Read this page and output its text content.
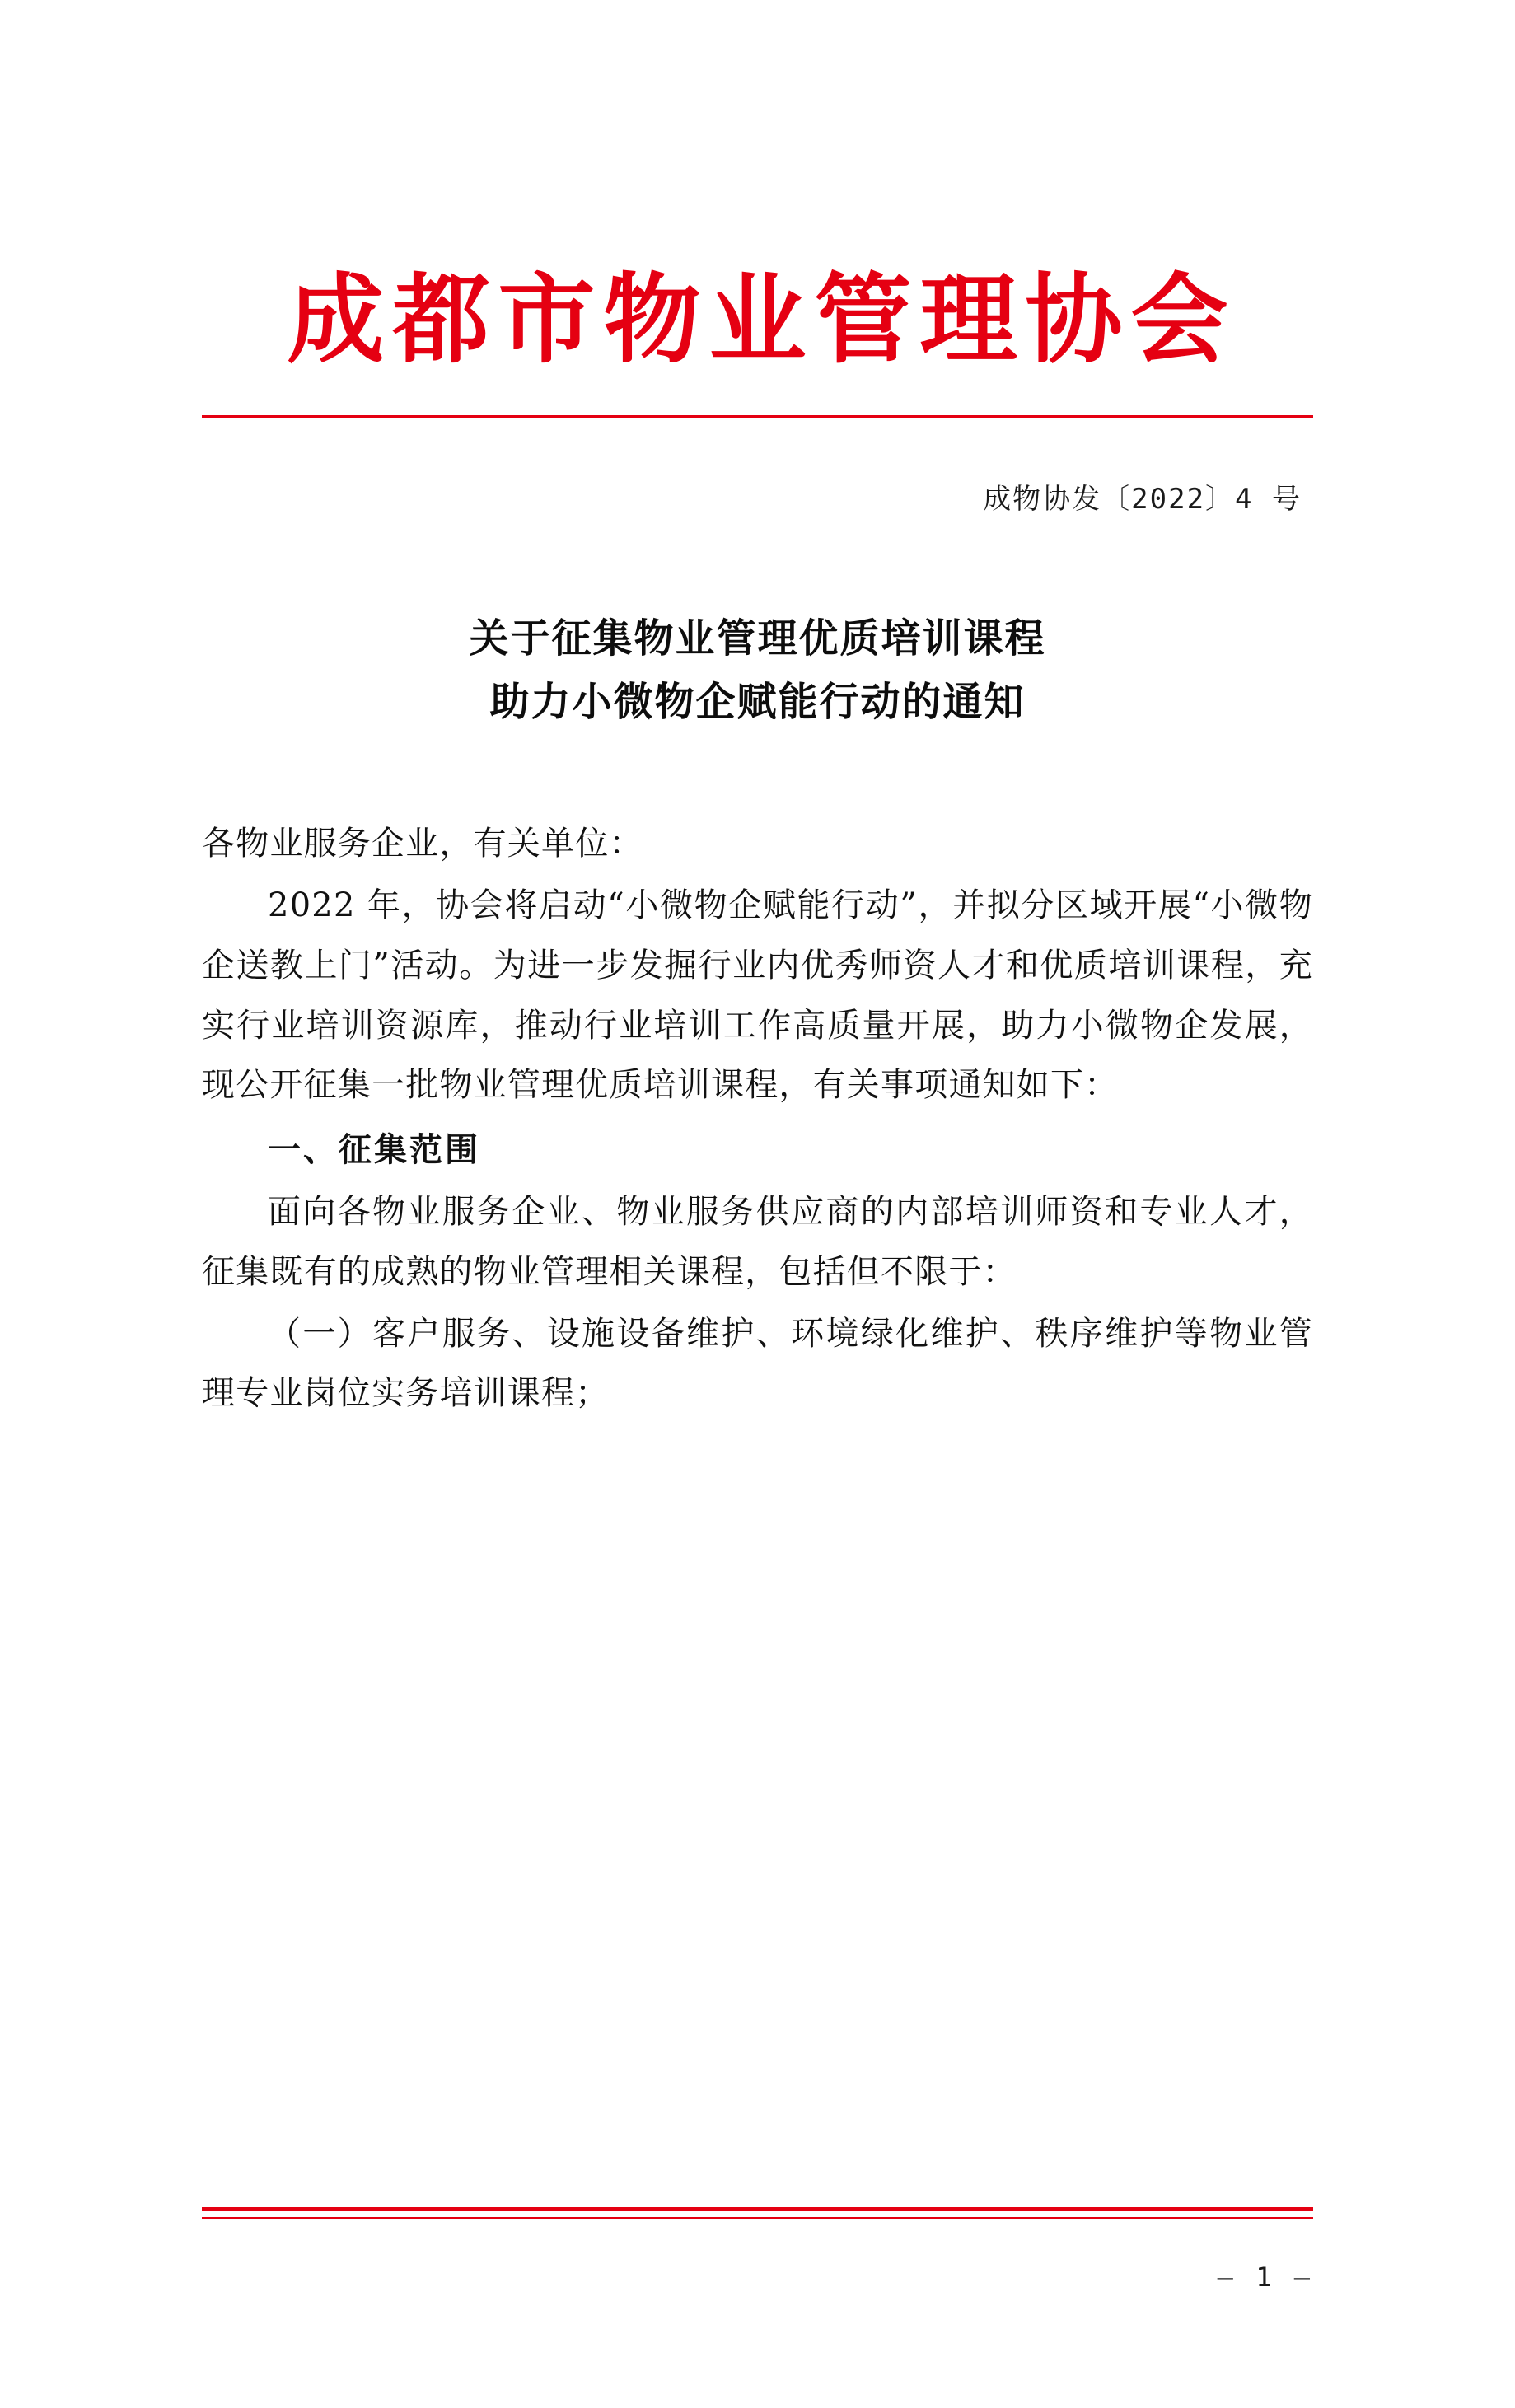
成都市物业管理协会
成物协发〔2022〕4 号
关于征集物业管理优质培训课程
助力小微物企赋能行动的通知

各物业服务企业，有关单位：

2022 年，协会将启动“小微物企赋能行动”，并拟分区域开展“小微物企送教上门”活动。为进一步发掘行业内优秀师资人才和优质培训课程，充实行业培训资源库，推动行业培训工作高质量开展，助力小微物企发展，现公开征集一批物业管理优质培训课程，有关事项通知如下：

一、征集范围

面向各物业服务企业、物业服务供应商的内部培训师资和专业人才，征集既有的成熟的物业管理相关课程，包括但不限于：

（一）客户服务、设施设备维护、环境绿化维护、秩序维护等物业管理专业岗位实务培训课程；

— 1 —
